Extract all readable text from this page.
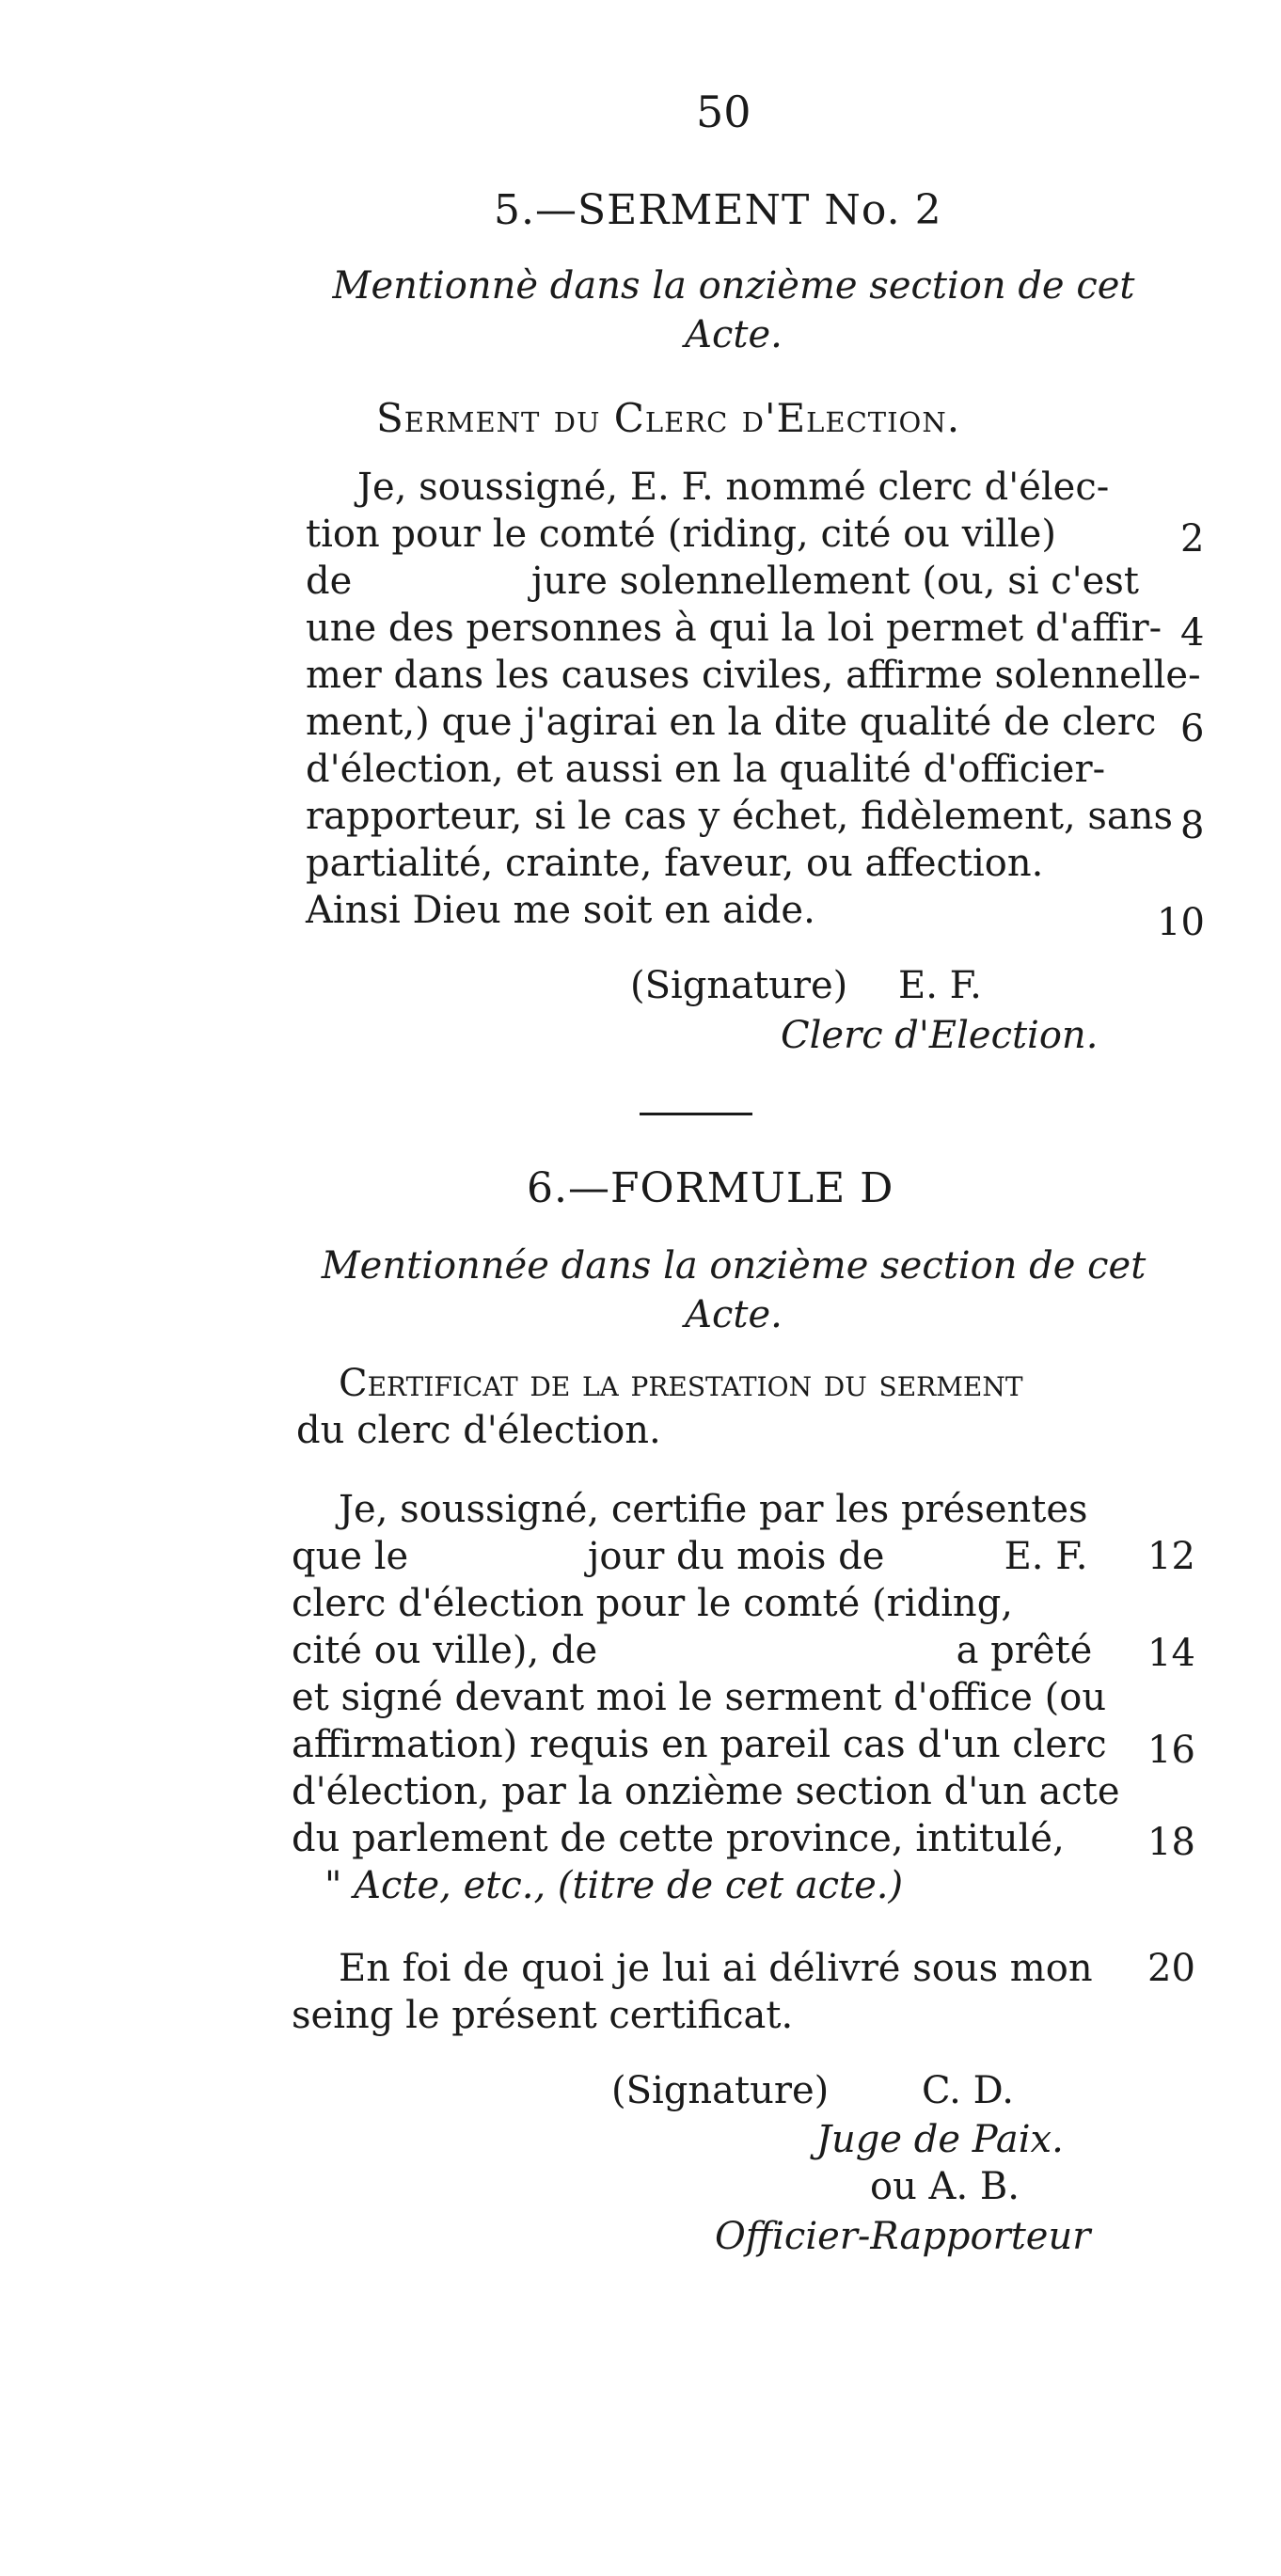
50
5.—SERMENT No. 2
Mentionnè dans la onzième section de cet Acte.
Serment du Clerc d'Election.
Je, soussigné, E. F. nommé clerc d'élec-
tion pour le comté (riding, cité ou ville)
de               jure solennellement (ou, si c'est
une des personnes à qui la loi permet d'affir-
mer dans les causes civiles, affirme solennelle-
ment,) que j'agirai en la dite qualité de clerc
d'élection, et aussi en la qualité d'officier-
rapporteur, si le cas y échet, fidèlement, sans
partialité, crainte, faveur, ou affection.
Ainsi Dieu me soit en aide.
2
4
6
8
10
(Signature) E. F.
Clerc d'Election.
6.—FORMULE D
Mentionnée dans la onzième section de cet Acte.
Certificat de la prestation du serment
du clerc d'élection.
Je, soussigné, certifie par les présentes
que le               jour du mois de          E. F.
clerc d'élection pour le comté (riding,
cité ou ville), de                              a prêté
et signé devant moi le serment d'office (ou
affirmation) requis en pareil cas d'un clerc
d'élection, par la onzième section d'un acte
du parlement de cette province, intitulé,
" Acte, etc., (titre de cet acte.)
12
14
16
18
20
En foi de quoi je lui ai délivré sous mon
seing le présent certificat.
(Signature) C. D.
Juge de Paix.
ou A. B.
Officier-Rapporteur
